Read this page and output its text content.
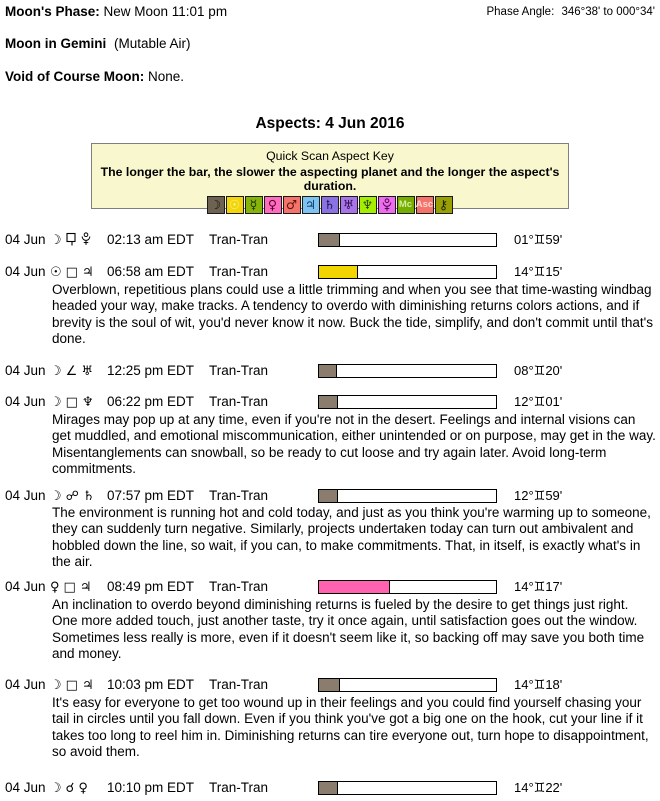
Moon's Phase: New Moon 11:01 pm	Phase Angle: 346°38' to 000°34'
Moon in Gemini (Mutable Air)
Void of Course Moon: None.
Aspects: 4 Jun 2016
Quick Scan Aspect Key
The longer the bar, the slower the aspecting planet and the longer the aspect's duration.
☽ ☉ ☿ ♀ ♂ ♃ ♄ ♅ ♆	Mc Asc ⚷
04 Jun ☽	02:13 am EDT Tran-Tran	01°♊59'
04 Jun ☉ □ ♃ 06:58 am EDT Tran-Tran	14°♊15'
Overblown, repetitious plans could use a little trimming and when you see that time-wasting windbag headed your way, make tracks. A tendency to overdo with diminishing returns colors actions, and if brevity is the soul of wit, you'd never know it now. Buck the tide, simplify, and don't commit until that's done.
04 Jun ☽ ∠ ♅ 12:25 pm EDT Tran-Tran	08°♊20'
04 Jun ☽ □ ♆ 06:22 pm EDT Tran-Tran	12°♊01'
Mirages may pop up at any time, even if you're not in the desert. Feelings and internal visions can get muddled, and emotional miscommunication, either unintended or on purpose, may get in the way. Misentanglements can snowball, so be ready to cut loose and try again later. Avoid long-term commitments.
04 Jun ☽ ☍ ♄ 07:57 pm EDT Tran-Tran	12°♊59'
The environment is running hot and cold today, and just as you think you're warming up to someone, they can suddenly turn negative. Similarly, projects undertaken today can turn out ambivalent and hobbled down the line, so wait, if you can, to make commitments. That, in itself, is exactly what's in the air.
04 Jun ♀ □ ♃ 08:49 pm EDT Tran-Tran	14°♊17'
An inclination to overdo beyond diminishing returns is fueled by the desire to get things just right. One more added touch, just another taste, try it once again, until satisfaction goes out the window. Sometimes less really is more, even if it doesn't seem like it, so backing off may save you both time and money.
04 Jun ☽ □ ♃ 10:03 pm EDT Tran-Tran	14°♊18'
It's easy for everyone to get too wound up in their feelings and you could find yourself chasing your tail in circles until you fall down. Even if you think you've got a big one on the hook, cut your line if it takes too long to reel him in. Diminishing returns can tire everyone out, turn hope to disappointment, so avoid them.
04 Jun ☽ ☌ ♀ 10:10 pm EDT Tran-Tran	14°♊22'
